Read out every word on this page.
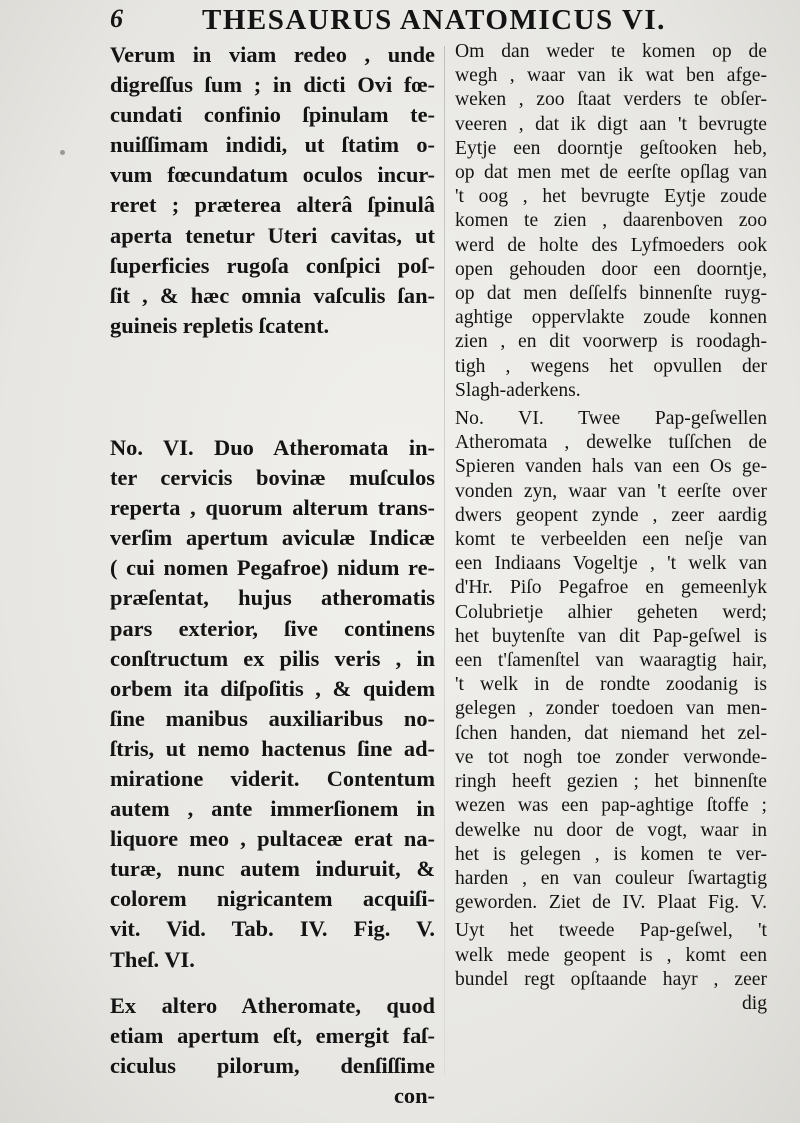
6	THESAURUS ANATOMICUS VI.

Verum in viam redeo , unde
digreſſus ſum ; in dicti Ovi fœ-
cundati confinio ſpinulam te-
nuiſſimam indidi, ut ſtatim o-
vum fœcundatum oculos incur-
reret ; præterea alterâ ſpinulâ
aperta tenetur Uteri cavitas, ut
ſuperficies rugoſa conſpici poſ-
ſit , & hæc omnia vaſculis ſan-
guineis repletis ſcatent.

No. VI. Duo Atheromata in-
ter cervicis bovinæ muſculos
reperta , quorum alterum trans-
verſim apertum aviculæ Indicæ
( cui nomen Pegafroe) nidum re-
præſentat, hujus atheromatis
pars exterior, ſive continens
conſtructum ex pilis veris , in
orbem ita diſpoſitis , & quidem
ſine manibus auxiliaribus no-
ſtris, ut nemo hactenus ſine ad-
miratione viderit. Contentum
autem , ante immerſionem in
liquore meo , pultaceæ erat na-
turæ, nunc autem induruit, &
colorem nigricantem acquiſi-
vit. Vid. Tab. IV. Fig. V.
Theſ. VI.

Ex altero Atheromate, quod
etiam apertum eſt, emergit faſ-
ciculus pilorum, denſiſſime

con-

Om dan weder te komen op de
wegh , waar van ik wat ben afge-
weken , zoo ſtaat verders te obſer-
veeren , dat ik digt aan 't bevrugte
Eytje een doorntje geſtooken heb,
op dat men met de eerſte opſlag van
't oog , het bevrugte Eytje zoude
komen te zien , daarenboven zoo
werd de holte des Lyfmoeders ook
open gehouden door een doorntje,
op dat men deſſelfs binnenſte ruyg-
aghtige oppervlakte zoude konnen
zien , en dit voorwerp is roodagh-
tigh , wegens het opvullen der
Slagh-aderkens.

No. VI. Twee Pap-geſwellen
Atheromata , dewelke tuſſchen de
Spieren vanden hals van een Os ge-
vonden zyn, waar van 't eerſte over
dwers geopent zynde , zeer aardig
komt te verbeelden een neſje van
een Indiaans Vogeltje , 't welk van
d'Hr. Piſo Pegafroe en gemeenlyk
Colubrietje alhier geheten werd;
het buytenſte van dit Pap-geſwel is
een t'ſamenſtel van waaragtig hair,
't welk in de rondte zoodanig is
gelegen , zonder toedoen van men-
ſchen handen, dat niemand het zel-
ve tot nogh toe zonder verwonde-
ringh heeft gezien ; het binnenſte
wezen was een pap-aghtige ſtoffe ;
dewelke nu door de vogt, waar in
het is gelegen , is komen te ver-
harden , en van couleur ſwartagtig
geworden. Ziet de IV. Plaat Fig. V.

Uyt het tweede Pap-geſwel, 't
welk mede geopent is , komt een
bundel regt opſtaande hayr , zeer

dig
